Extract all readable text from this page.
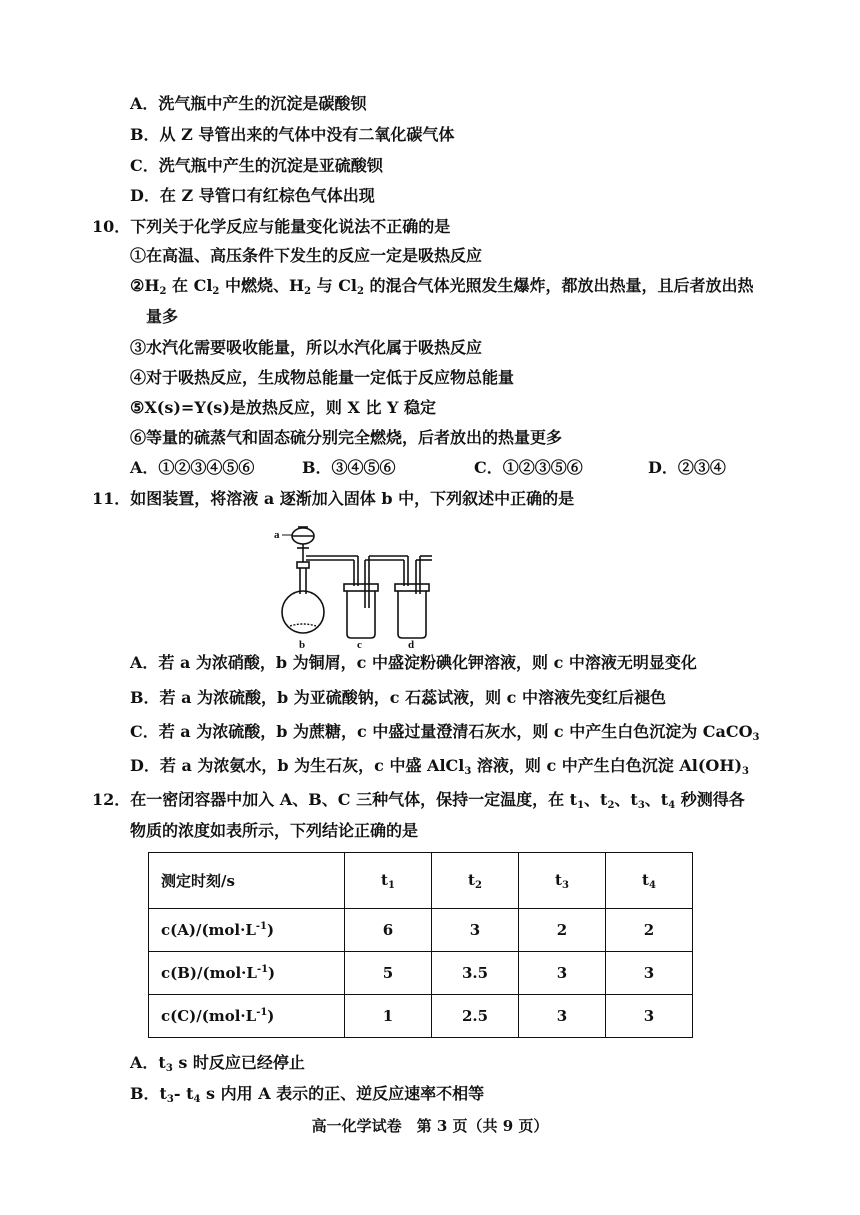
A．洗气瓶中产生的沉淀是碳酸钡
B．从 Z 导管出来的气体中没有二氧化碳气体
C．洗气瓶中产生的沉淀是亚硫酸钡
D．在 Z 导管口有红棕色气体出现
10．下列关于化学反应与能量变化说法不正确的是
①在高温、高压条件下发生的反应一定是吸热反应
$②H_2$ 在 $Cl_2$ 中燃烧、$H_2$ 与 $Cl_2$ 的混合气体光照发生爆炸，都放出热量，且后者放出热
量多
③水汽化需要吸收能量，所以水汽化属于吸热反应
④对于吸热反应，生成物总能量一定低于反应物总能量
⑤X(s)=Y(s)是放热反应，则 X 比 Y 稳定
⑥等量的硫蒸气和固态硫分别完全燃烧，后者放出的热量更多
A．①②③④⑤⑥	B．③④⑤⑥	C．①②③⑤⑥	D．②③④
11．如图装置，将溶液 a 逐渐加入固体 b 中，下列叙述中正确的是
a
b	c	d
A．若 a 为浓硝酸，b 为铜屑，c 中盛淀粉碘化钾溶液，则 c 中溶液无明显变化
B．若 a 为浓硫酸，b 为亚硫酸钠，c 石蕊试液，则 c 中溶液先变红后褪色
C．若 a 为浓硫酸，b 为蔗糖，c 中盛过量澄清石灰水，则 c 中产生白色沉淀为 CaCO$_3$
D．若 a 为浓氨水，b 为生石灰，c 中盛 AlCl$_3$ 溶液，则 c 中产生白色沉淀 $Al(OH)_3$
12．在一密闭容器中加入 A、B、C 三种气体，保持一定温度，在 $t_1$、$t_2$、$t_3$、$t_4$ 秒测得各
物质的浓度如表所示，下列结论正确的是
测定时刻/s	$t_1$	$t_2$	$t_3$	$t_4$
$c(A)/(mol\cdot L^{-1})$	6	3	2	2
$c(B)/(mol\cdot L^{-1})$	5	3.5	3	3
$c(C)/(mol\cdot L^{-1})$	1	2.5	3	3
A．$t_3$ s 时反应已经停止
B．$t_3-$ $t_4$ s 内用 A 表示的正、逆反应速率不相等
高一化学试卷　第 3 页（共 9 页）
